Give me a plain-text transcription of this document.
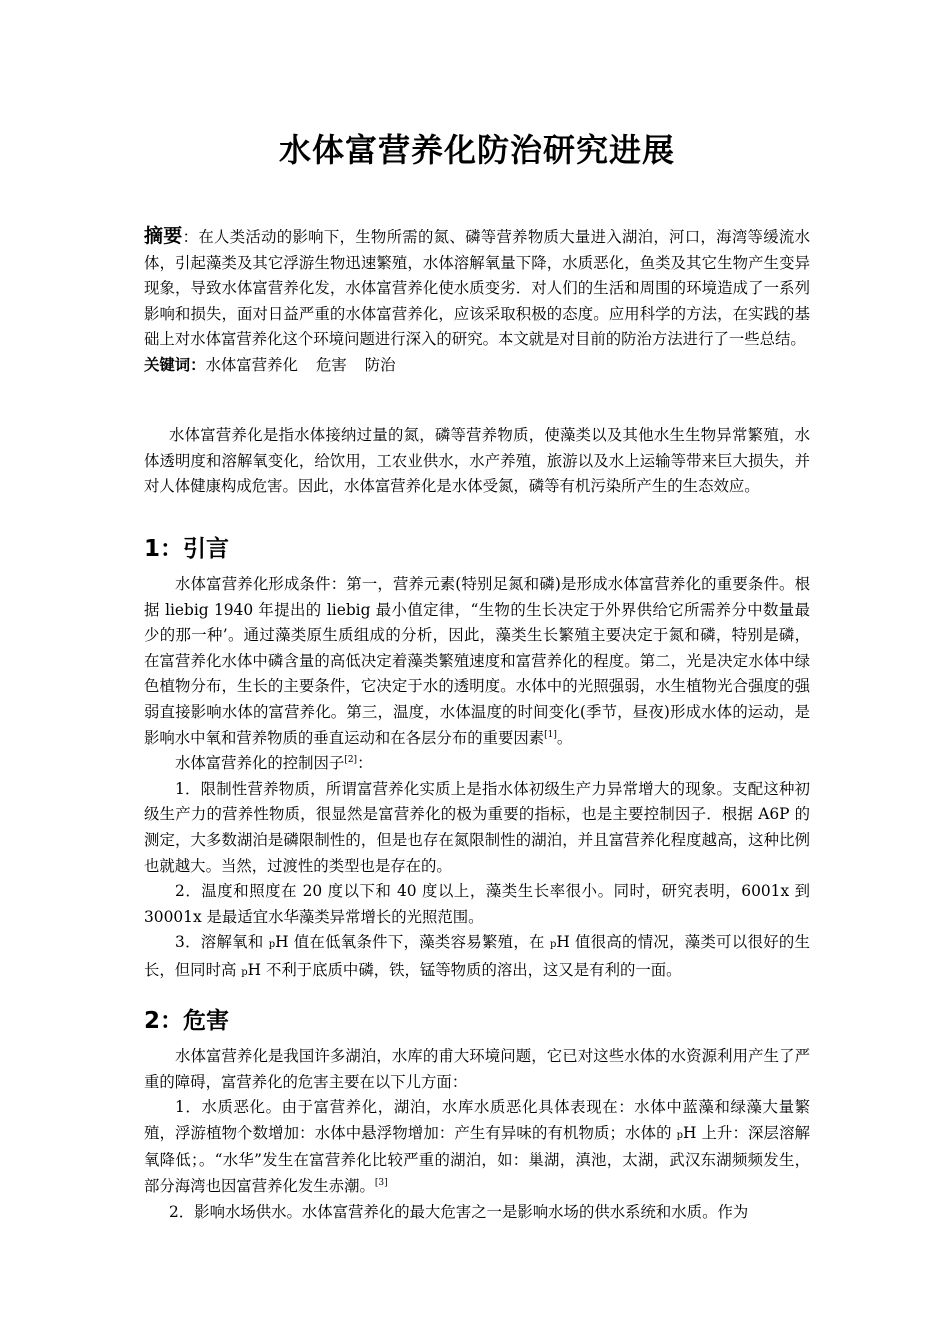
水体富营养化防治研究进展

摘要：在人类活动的影响下，生物所需的氮、磷等营养物质大量进入湖泊，河口，海湾等缓流水体，引起藻类及其它浮游生物迅速繁殖，水体溶解氧量下降，水质恶化，鱼类及其它生物产生变异现象，导致水体富营养化发，水体富营养化使水质变劣．对人们的生活和周围的环境造成了一系列影响和损失，面对日益严重的水体富营养化，应该采取积极的态度。应用科学的方法，在实践的基础上对水体富营养化这个环境问题进行深入的研究。本文就是对目前的防治方法进行了一些总结。

关键词：水体富营养化 危害 防治

水体富营养化是指水体接纳过量的氮，磷等营养物质，使藻类以及其他水生生物异常繁殖，水体透明度和溶解氧变化，给饮用，工农业供水，水产养殖，旅游以及水上运输等带来巨大损失，并对人体健康构成危害。因此，水体富营养化是水体受氮，磷等有机污染所产生的生态效应。

1：引言

水体富营养化形成条件：第一，营养元素(特别足氮和磷)是形成水体富营养化的重要条件。根据 liebig 1940 年提出的 liebig 最小值定律，“生物的生长决定于外界供给它所需养分中数量最少的那一种’。通过藻类原生质组成的分析，因此，藻类生长繁殖主要决定于氮和磷，特别是磷，在富营养化水体中磷含量的高低决定着藻类繁殖速度和富营养化的程度。第二，光是决定水体中绿色植物分布，生长的主要条件，它决定于水的透明度。水体中的光照强弱，水生植物光合强度的强弱直接影响水体的富营养化。第三，温度，水体温度的时间变化(季节，昼夜)形成水体的运动，是影响水中氧和营养物质的垂直运动和在各层分布的重要因素[1]。

水体富营养化的控制因子[2]：

1．限制性营养物质，所谓富营养化实质上是指水体初级生产力异常增大的现象。支配这种初级生产力的营养性物质，很显然是富营养化的极为重要的指标，也是主要控制因子．根据 A6P 的测定，大多数湖泊是磷限制性的，但是也存在氮限制性的湖泊，并且富营养化程度越高，这种比例也就越大。当然，过渡性的类型也是存在的。

2．温度和照度在 20 度以下和 40 度以上，藻类生长率很小。同时，研究表明，6001x 到 30001x 是最适宜水华藻类异常增长的光照范围。

3．溶解氧和 pH 值在低氧条件下，藻类容易繁殖，在 pH 值很高的情况，藻类可以很好的生长，但同时高 pH 不利于底质中磷，铁，锰等物质的溶出，这又是有利的一面。

2：危害

水体富营养化是我国许多湖泊，水库的甫大环境问题，它已对这些水体的水资源利用产生了严重的障碍，富营养化的危害主要在以下儿方面：

1．水质恶化。由于富营养化，湖泊，水库水质恶化具体表现在：水体中蓝藻和绿藻大量繁殖，浮游植物个数增加：水体中悬浮物增加：产生有异味的有机物质；水体的 pH 上升：深层溶解氧降低；。“水华”发生在富营养化比较严重的湖泊，如：巢湖，滇池，太湖，武汉东湖频频发生，部分海湾也因富营养化发生赤潮。[3]

2．影响水场供水。水体富营养化的最大危害之一是影响水场的供水系统和水质。作为
